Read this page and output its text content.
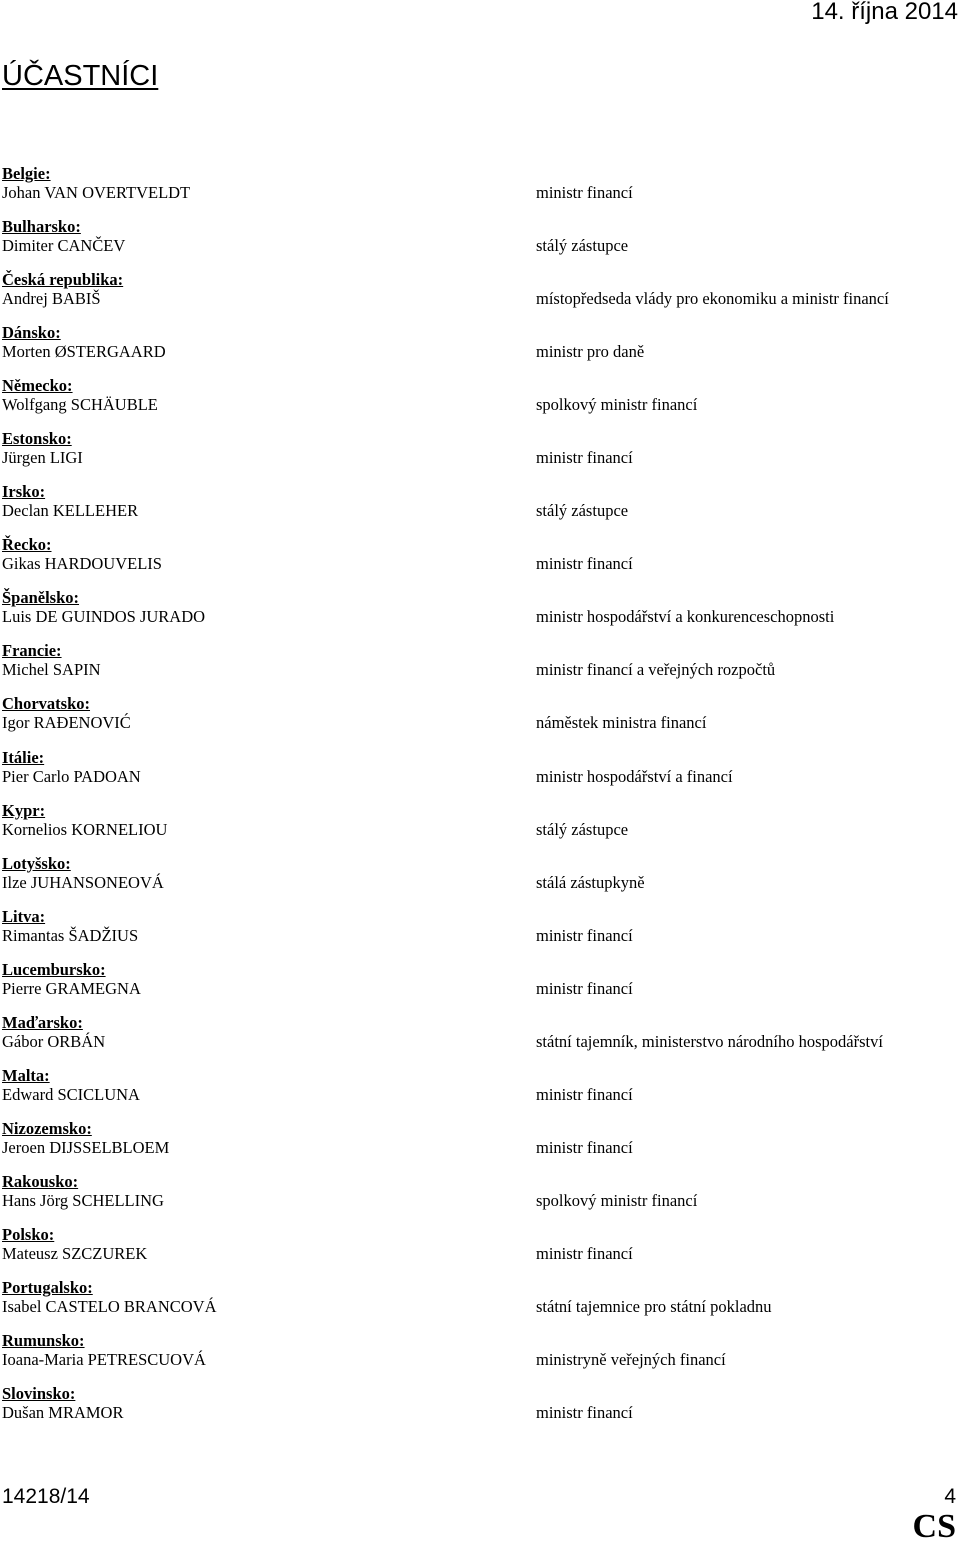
14. října 2014
ÚČASTNÍCI
Belgie:
Johan VAN OVERTVELDT	ministr financí
Bulharsko:
Dimiter CANČEV	stálý zástupce
Česká republika:
Andrej BABIŠ	místopředseda vlády pro ekonomiku a ministr financí
Dánsko:
Morten ØSTERGAARD	ministr pro daně
Německo:
Wolfgang SCHÄUBLE	spolkový ministr financí
Estonsko:
Jürgen LIGI	ministr financí
Irsko:
Declan KELLEHER	stálý zástupce
Řecko:
Gikas HARDOUVELIS	ministr financí
Španělsko:
Luis DE GUINDOS JURADO	ministr hospodářství a konkurenceschopnosti
Francie:
Michel SAPIN	ministr financí a veřejných rozpočtů
Chorvatsko:
Igor RAĐENOVIĆ	náměstek ministra financí
Itálie:
Pier Carlo PADOAN	ministr hospodářství a financí
Kypr:
Kornelios KORNELIOU	stálý zástupce
Lotyšsko:
Ilze JUHANSONEOVÁ	stálá zástupkyně
Litva:
Rimantas ŠADŽIUS	ministr financí
Lucembursko:
Pierre GRAMEGNA	ministr financí
Maďarsko:
Gábor ORBÁN	státní tajemník, ministerstvo národního hospodářství
Malta:
Edward SCICLUNA	ministr financí
Nizozemsko:
Jeroen DIJSSELBLOEM	ministr financí
Rakousko:
Hans Jörg SCHELLING	spolkový ministr financí
Polsko:
Mateusz SZCZUREK	ministr financí
Portugalsko:
Isabel CASTELO BRANCOVÁ	státní tajemnice pro státní pokladnu
Rumunsko:
Ioana-Maria PETRESCUOVÁ	ministryně veřejných financí
Slovinsko:
Dušan MRAMOR	ministr financí
14218/14	4
CS
